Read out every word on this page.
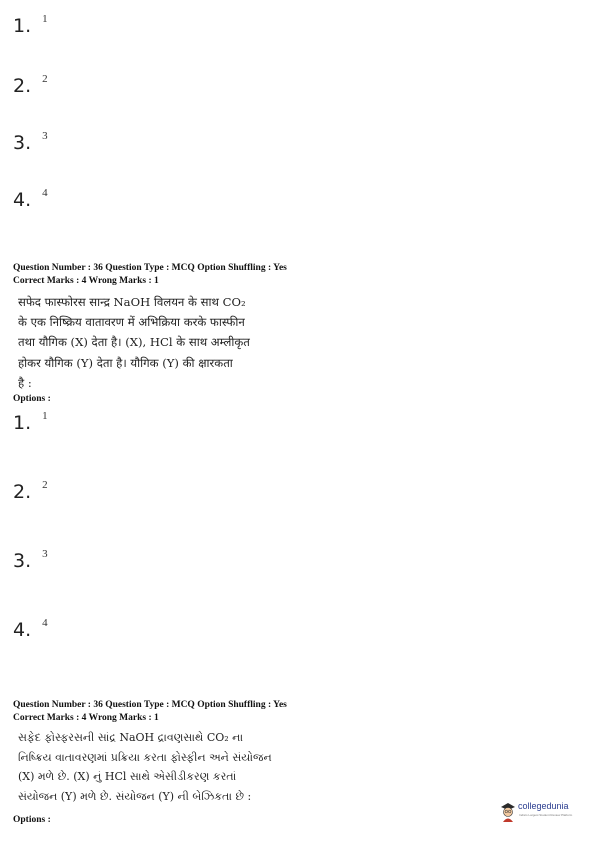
1. 1
2. 2
3. 3
4. 4
Question Number : 36 Question Type : MCQ Option Shuffling : Yes
Correct Marks : 4 Wrong Marks : 1
सफेद फास्फोरस सान्द्र NaOH विलयन के साथ CO₂
के एक निष्क्रिय वातावरण में अभिक्रिया करके फास्फीन
तथा यौगिक (X) देता है। (X), HCl के साथ अम्लीकृत
होकर यौगिक (Y) देता है। यौगिक (Y) की क्षारकता
है :
Options :
1. 1
2. 2
3. 3
4. 4
Question Number : 36 Question Type : MCQ Option Shuffling : Yes
Correct Marks : 4 Wrong Marks : 1
સફેદ ફોસ્ફરસની સાંદ્ર NaOH દ્રાવણસાથે CO₂ ના
નિષ્ક્રિય વાતાવરણમાં પ્રક્રિયા કરતા ફોસ્ફીન અને સંયોજન
(X) મળે છે. (X) નું HCl સાથે એસીડીકરણ કરતાં
સંયોજન (Y) મળે છે. સંયોજન (Y) ની બેઝિકતા છે :
Options :
collegedunia
India's Largest Student Review Platform
